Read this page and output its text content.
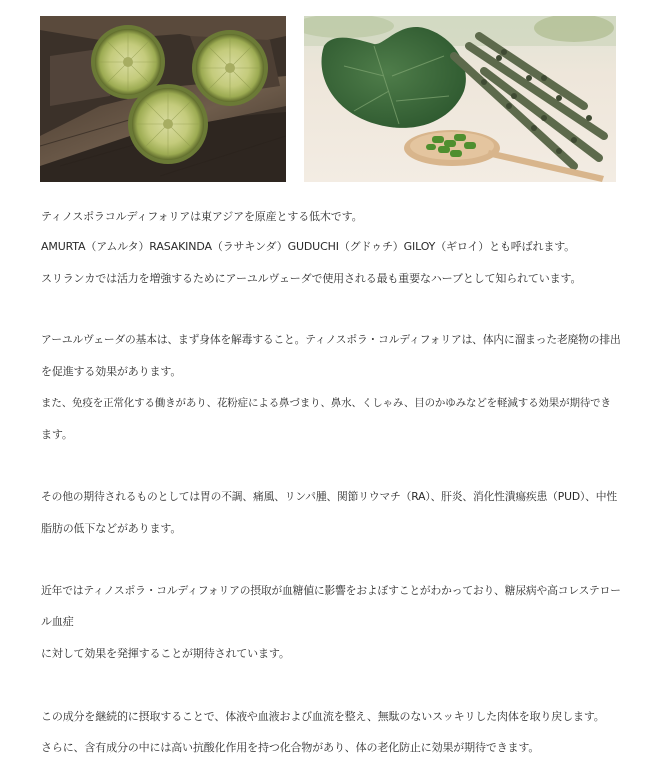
ティノスポラコルディフォリアは東アジアを原産とする低木です。
AMURTA（アムルタ）RASAKINDA（ラサキンダ）GUDUCHI（グドゥチ）GILOY（ギロイ）とも呼ばれます。
スリランカでは活力を増強するためにアーユルヴェーダで使用される最も重要なハーブとして知られています。
アーユルヴェーダの基本は、まず身体を解毒すること。ティノスポラ・コルディフォリアは、体内に溜まった老廃物の排出
を促進する効果があります。
また、免疫を正常化する働きがあり、花粉症による鼻づまり、鼻水、くしゃみ、目のかゆみなどを軽減する効果が期待でき
ます。
その他の期待されるものとしては胃の不調、痛風、リンパ腫、関節リウマチ（RA）、肝炎、消化性潰瘍疾患（PUD）、中性
脂肪の低下などがあります。
近年ではティノスポラ・コルディフォリアの摂取が血糖値に影響をおよぼすことがわかっており、糖尿病や高コレステロー
ル血症
に対して効果を発揮することが期待されています。
この成分を継続的に摂取することで、体液や血液および血流を整え、無駄のないスッキリした肉体を取り戻します。
さらに、含有成分の中には高い抗酸化作用を持つ化合物があり、体の老化防止に効果が期待できます。
